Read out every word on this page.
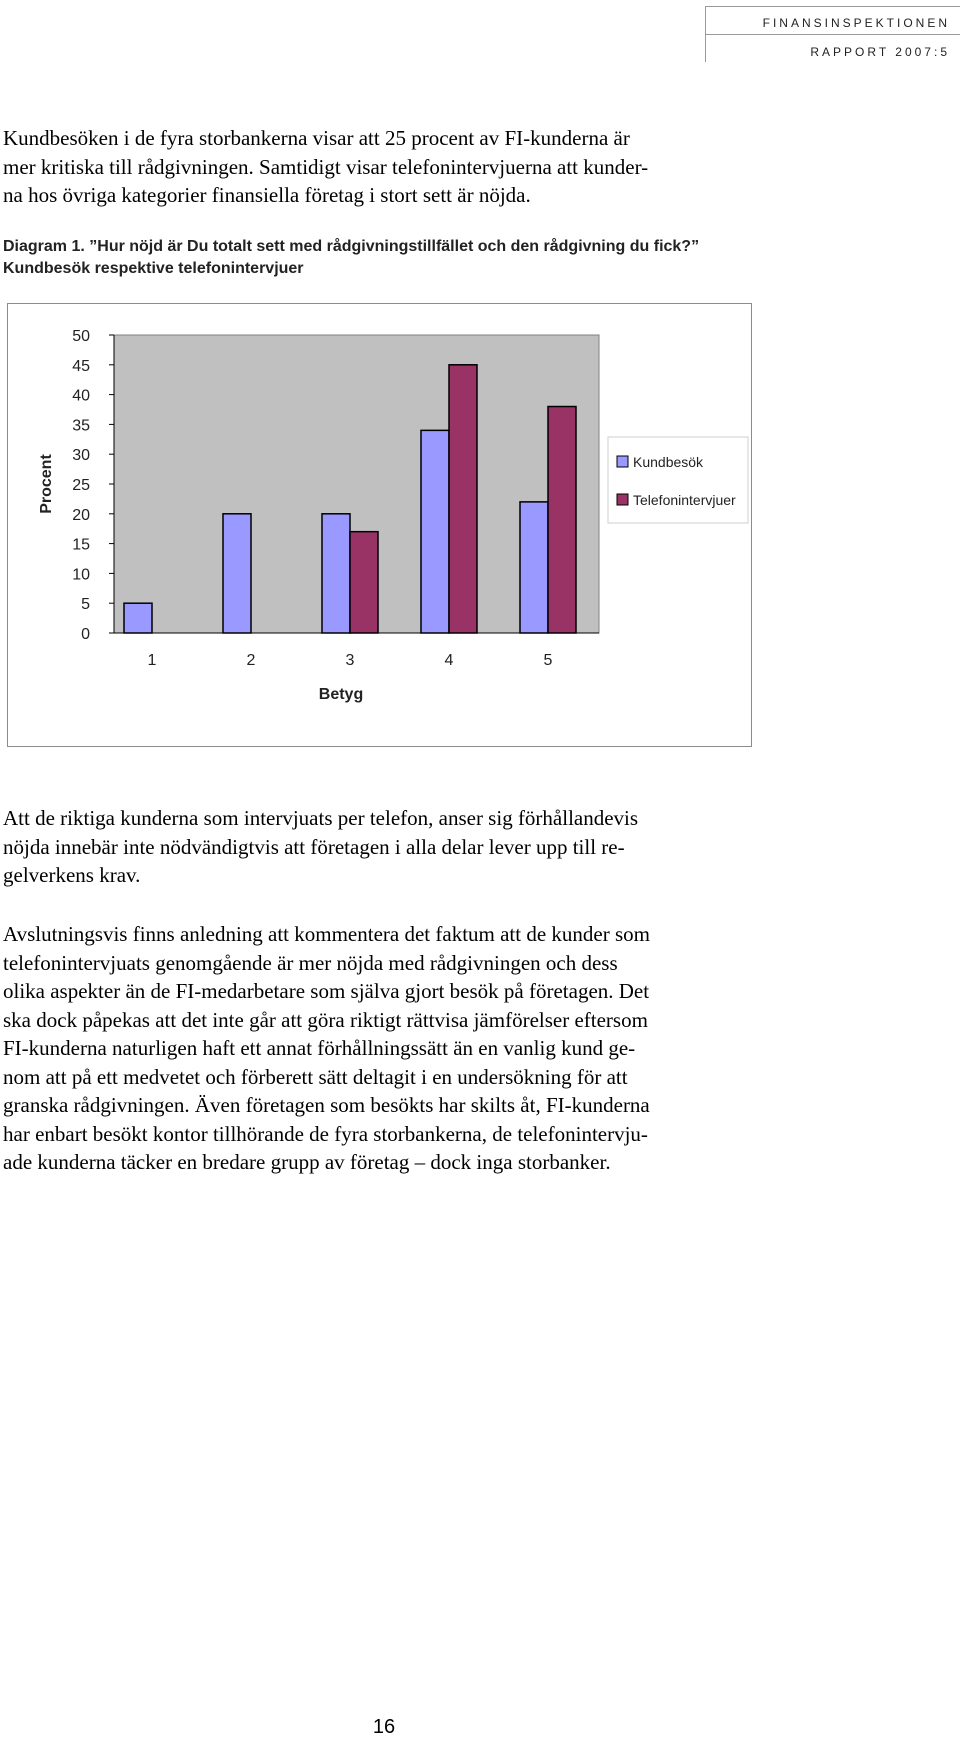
FINANSINSPEKTIONEN
RAPPORT 2007:5
Kundbesöken i de fyra storbankerna visar att 25 procent av FI-kunderna är
mer kritiska till rådgivningen. Samtidigt visar telefonintervjuerna att kunder-
na hos övriga kategorier finansiella företag i stort sett är nöjda.
Diagram 1. ”Hur nöjd är Du totalt sett med rådgivningstillfället och den rådgivning du fick?”
Kundbesök respektive telefonintervjuer
0
5
10
15
20
25
30
35
40
45
50
1	2	3	4	5
Betyg
Procent	Kundbesök
Telefonintervjuer
Att de riktiga kunderna som intervjuats per telefon, anser sig förhållandevis
nöjda innebär inte nödvändigtvis att företagen i alla delar lever upp till re-
gelverkens krav.
Avslutningsvis finns anledning att kommentera det faktum att de kunder som
telefonintervjuats genomgående är mer nöjda med rådgivningen och dess
olika aspekter än de FI-medarbetare som själva gjort besök på företagen. Det
ska dock påpekas att det inte går att göra riktigt rättvisa jämförelser eftersom
FI-kunderna naturligen haft ett annat förhållningssätt än en vanlig kund ge-
nom att på ett medvetet och förberett sätt deltagit i en undersökning för att
granska rådgivningen. Även företagen som besökts har skilts åt, FI-kunderna
har enbart besökt kontor tillhörande de fyra storbankerna, de telefonintervju-
ade kunderna täcker en bredare grupp av företag – dock inga storbanker.
16
